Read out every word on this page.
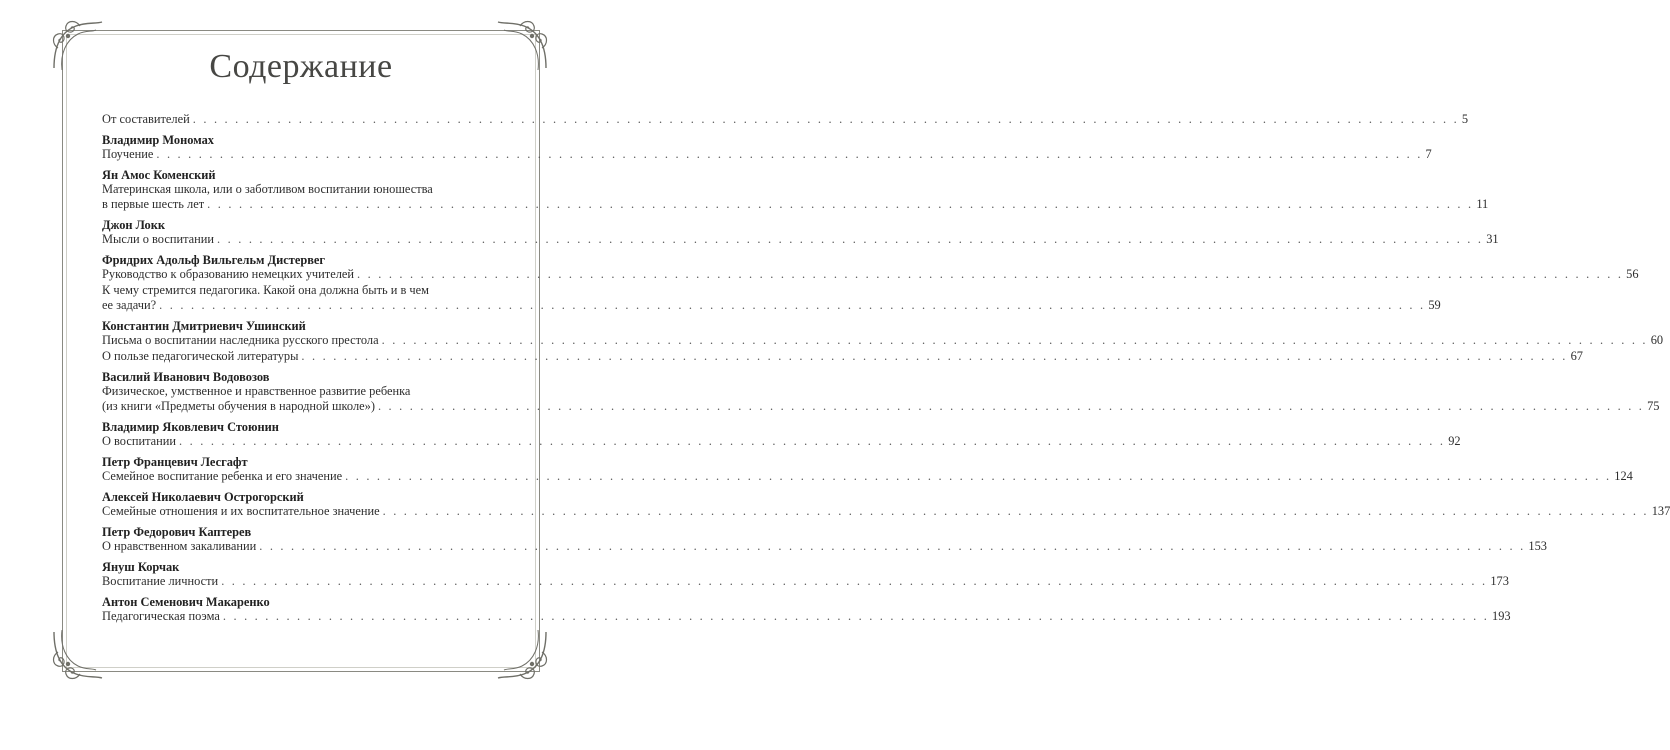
Содержание
От составителей . . . . . . . . . . . . . . . . . . . . . . . . . . . . . . . . . . . . . . . . . . . . . . . . . . . . . . . . . . . . . . . . . . . . . . . . . . . . . . . . . . . . . . . . . . . . . . . . . . . . . . . . . . . . . . . . . . . . . . . . 5
Владимир Мономах
Поучение . . . . . . . . . . . . . . . . . . . . . . . . . . . . . . . . . . . . . . . . . . . . . . . . . . . . . . . . . . . . . . . . . . . . . . . . . . . . . . . . . . . . . . . . . . . . . . . . . . . . . . . . . . . . . . . . . . . . . . . . 7
Ян Амос Коменский
Материнская школа, или о заботливом воспитании юношества
в первые шесть лет . . . . . . . . . . . . . . . . . . . . . . . . . . . . . . . . . . . . . . . . . . . . . . . . . . . . . . . . . . . . . . . . . . . . . . . . . . . . . . . . . . . . . . . . . . . . . . . . . . . . . . . . . . . . . . . . . . . . . . . . 11
Джон Локк
Мысли о воспитании . . . . . . . . . . . . . . . . . . . . . . . . . . . . . . . . . . . . . . . . . . . . . . . . . . . . . . . . . . . . . . . . . . . . . . . . . . . . . . . . . . . . . . . . . . . . . . . . . . . . . . . . . . . . . . . . . . . . . . . . 31
Фридрих Адольф Вильгельм Дистервег
Руководство к образованию немецких учителей . . . . . . . . . . . . . . . . . . . . . . . . . . . . . . . . . . . . . . . . . . . . . . . . . . . . . . . . . . . . . . . . . . . . . . . . . . . . . . . . . . . . . . . . . . . . . . . . . . . . . . . . . . . . . . . . . . . . . . . . 56
К чему стремится педагогика. Какой она должна быть и в чем
ее задачи? . . . . . . . . . . . . . . . . . . . . . . . . . . . . . . . . . . . . . . . . . . . . . . . . . . . . . . . . . . . . . . . . . . . . . . . . . . . . . . . . . . . . . . . . . . . . . . . . . . . . . . . . . . . . . . . . . . . . . . . . 59
Константин Дмитриевич Ушинский
Письма о воспитании наследника русского престола . . . . . . . . . . . . . . . . . . . . . . . . . . . . . . . . . . . . . . . . . . . . . . . . . . . . . . . . . . . . . . . . . . . . . . . . . . . . . . . . . . . . . . . . . . . . . . . . . . . . . . . . . . . . . . . . . . . . . . . . 60
О пользе педагогической литературы . . . . . . . . . . . . . . . . . . . . . . . . . . . . . . . . . . . . . . . . . . . . . . . . . . . . . . . . . . . . . . . . . . . . . . . . . . . . . . . . . . . . . . . . . . . . . . . . . . . . . . . . . . . . . . . . . . . . . . . . 67
Василий Иванович Водовозов
Физическое, умственное и нравственное развитие ребенка
(из книги «Предметы обучения в народной школе») . . . . . . . . . . . . . . . . . . . . . . . . . . . . . . . . . . . . . . . . . . . . . . . . . . . . . . . . . . . . . . . . . . . . . . . . . . . . . . . . . . . . . . . . . . . . . . . . . . . . . . . . . . . . . . . . . . . . . . . . 75
Владимир Яковлевич Стоюнин
О воспитании . . . . . . . . . . . . . . . . . . . . . . . . . . . . . . . . . . . . . . . . . . . . . . . . . . . . . . . . . . . . . . . . . . . . . . . . . . . . . . . . . . . . . . . . . . . . . . . . . . . . . . . . . . . . . . . . . . . . . . . . 92
Петр Францевич Лесгафт
Семейное воспитание ребенка и его значение . . . . . . . . . . . . . . . . . . . . . . . . . . . . . . . . . . . . . . . . . . . . . . . . . . . . . . . . . . . . . . . . . . . . . . . . . . . . . . . . . . . . . . . . . . . . . . . . . . . . . . . . . . . . . . . . . . . . . . . . 124
Алексей Николаевич Острогорский
Семейные отношения и их воспитательное значение . . . . . . . . . . . . . . . . . . . . . . . . . . . . . . . . . . . . . . . . . . . . . . . . . . . . . . . . . . . . . . . . . . . . . . . . . . . . . . . . . . . . . . . . . . . . . . . . . . . . . . . . . . . . . . . . . . . . . . . . 137
Петр Федорович Каптерев
О нравственном закаливании . . . . . . . . . . . . . . . . . . . . . . . . . . . . . . . . . . . . . . . . . . . . . . . . . . . . . . . . . . . . . . . . . . . . . . . . . . . . . . . . . . . . . . . . . . . . . . . . . . . . . . . . . . . . . . . . . . . . . . . . 153
Януш Корчак
Воспитание личности . . . . . . . . . . . . . . . . . . . . . . . . . . . . . . . . . . . . . . . . . . . . . . . . . . . . . . . . . . . . . . . . . . . . . . . . . . . . . . . . . . . . . . . . . . . . . . . . . . . . . . . . . . . . . . . . . . . . . . . . 173
Антон Семенович Макаренко
Педагогическая поэма . . . . . . . . . . . . . . . . . . . . . . . . . . . . . . . . . . . . . . . . . . . . . . . . . . . . . . . . . . . . . . . . . . . . . . . . . . . . . . . . . . . . . . . . . . . . . . . . . . . . . . . . . . . . . . . . . . . . . . . . 193
